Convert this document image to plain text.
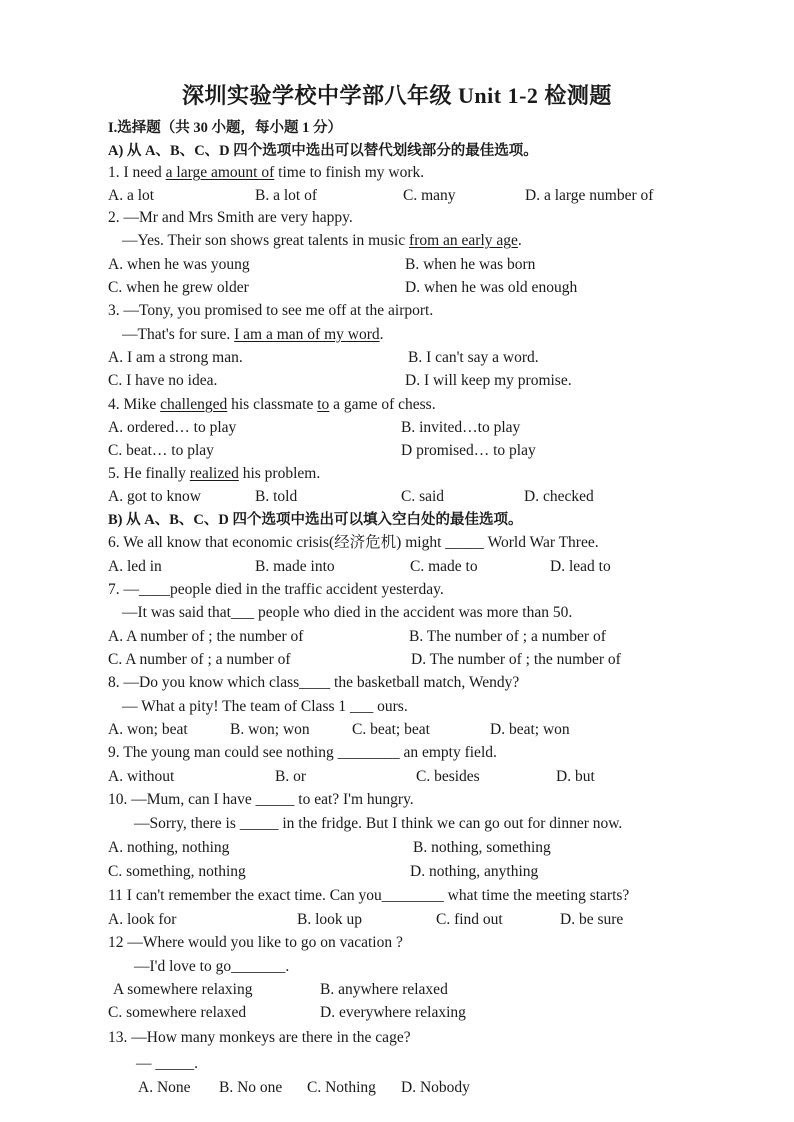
深圳实验学校中学部八年级 Unit 1-2 检测题
I.选择题（共 30 小题，每小题 1 分）
A) 从 A、B、C、D 四个选项中选出可以替代划线部分的最佳选项。
1. I need a large amount of time to finish my work.
A. a lot	B. a lot of	C. many	D. a large number of
2. —Mr and Mrs Smith are very happy.
—Yes. Their son shows great talents in music from an early age.
A. when he was young	B. when he was born
C. when he grew older	D. when he was old enough
3. —Tony, you promised to see me off at the airport.
—That's for sure. I am a man of my word.
A. I am a strong man.	B. I can't say a word.
C. I have no idea.	D. I will keep my promise.
4. Mike challenged his classmate to a game of chess.
A. ordered… to play	B. invited…to play
C. beat… to play	D promised… to play
5. He finally realized his problem.
A. got to know	B. told	C. said	D. checked
B) 从 A、B、C、D 四个选项中选出可以填入空白处的最佳选项。
6. We all know that economic crisis(经济危机) might _____ World War Three.
A. led in	B. made into	C. made to	D. lead to
7. —____people died in the traffic accident yesterday.
—It was said that___ people who died in the accident was more than 50.
A. A number of ; the number of	B. The number of ; a number of
C. A number of ; a number of	D. The number of ; the number of
8. —Do you know which class____ the basketball match, Wendy?
— What a pity! The team of Class 1 ___ ours.
A. won; beat	B. won; won	C. beat; beat	D. beat; won
9. The young man could see nothing ________ an empty field.
A. without	B. or	C. besides	D. but
10. —Mum, can I have _____ to eat? I'm hungry.
—Sorry, there is _____ in the fridge. But I think we can go out for dinner now.
A. nothing, nothing	B. nothing, something
C. something, nothing	D. nothing, anything
11 I can't remember the exact time. Can you________ what time the meeting starts?
A. look for	B. look up	C. find out	D. be sure
12 —Where would you like to go on vacation ?
—I'd love to go_______.
A somewhere relaxing	B. anywhere relaxed
C. somewhere relaxed	D. everywhere relaxing
13. —How many monkeys are there in the cage?
— _____.
A. None B. No one C. Nothing D. Nobody
